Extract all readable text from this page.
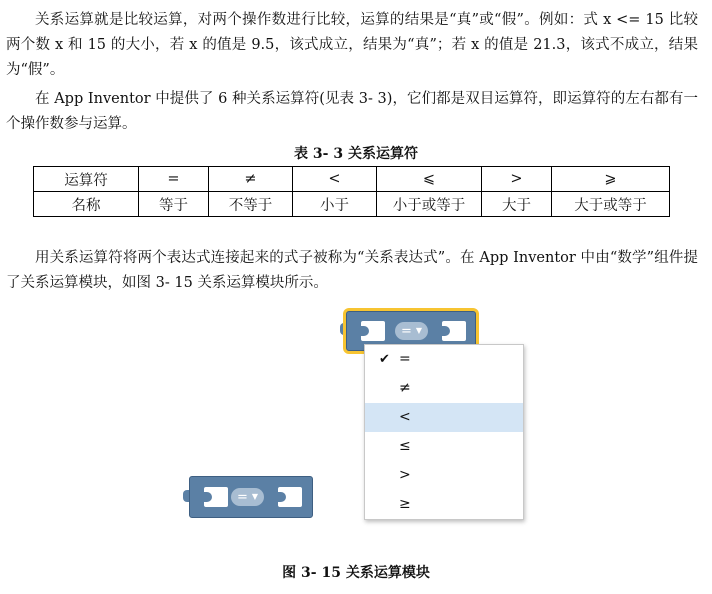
关系运算就是比较运算，对两个操作数进行比较，运算的结果是“真”或“假”。例如：式 x <= 15 比较两个数 x 和 15 的大小，若 x 的值是 9.5，该式成立，结果为“真”；若 x 的值是 21.3，该式不成立，结果为“假”。

在 App Inventor 中提供了 6 种关系运算符(见表 3- 3)，它们都是双目运算符，即运算符的左右都有一个操作数参与运算。

表 3- 3 关系运算符
运算符	=	≠	<	⩽	>	⩾
名称	等于	不等于	小于	小于或等于	大于	大于或等于

用关系运算符将两个表达式连接起来的式子被称为“关系表达式”。在 App Inventor 中由“数学”组件提了关系运算模块，如图 3- 15 关系运算模块所示。

= ▼
✔ =
≠
<
≤
>
≥
= ▼
图 3- 15 关系运算模块
